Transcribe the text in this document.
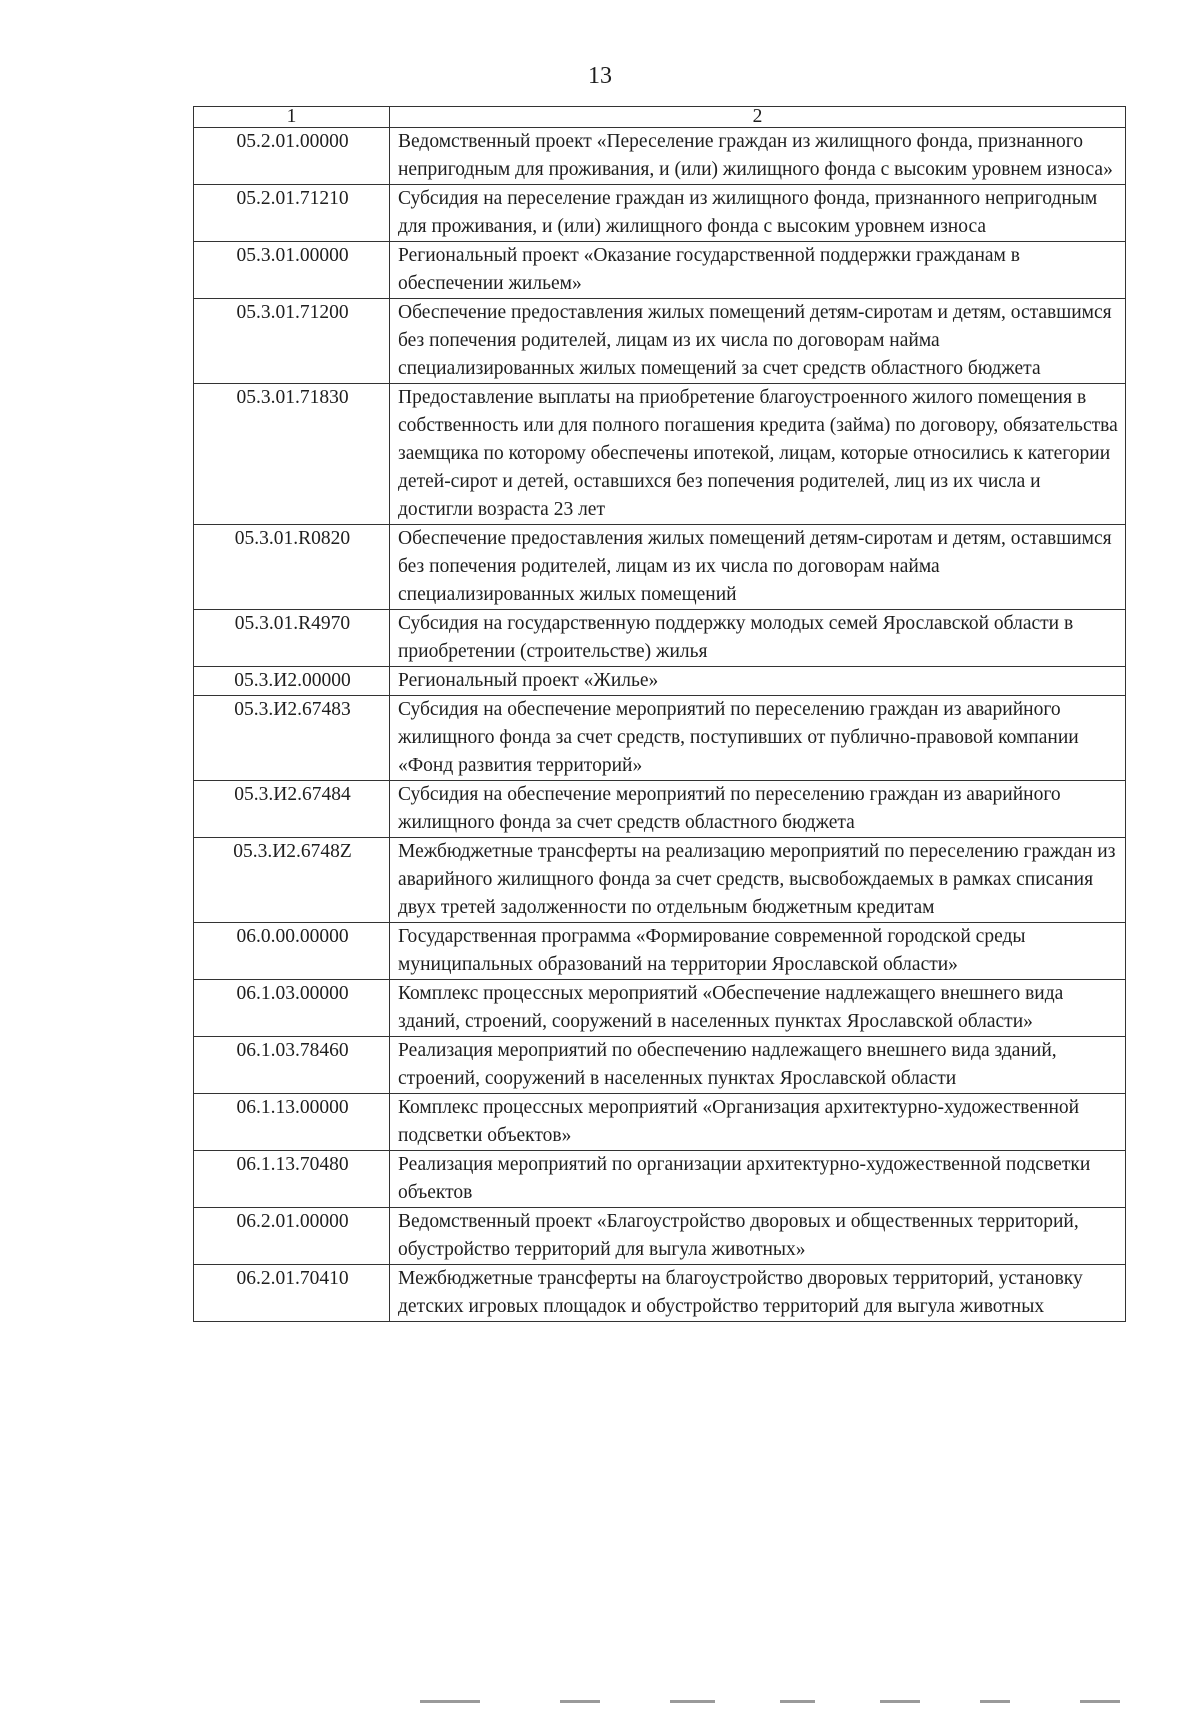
13
1	2
05.2.01.00000	Ведомственный проект «Переселение граждан из жилищного фонда, признанного непригодным для проживания, и (или) жилищного фонда с высоким уровнем износа»
05.2.01.71210	Субсидия на переселение граждан из жилищного фонда, признанного непригодным для проживания, и (или) жилищного фонда с высоким уровнем износа
05.3.01.00000	Региональный проект «Оказание государственной поддержки гражданам в обеспечении жильем»
05.3.01.71200	Обеспечение предоставления жилых помещений детям-сиротам и детям, оставшимся без попечения родителей, лицам из их числа по договорам найма специализированных жилых помещений за счет средств областного бюджета
05.3.01.71830	Предоставление выплаты на приобретение благоустроенного жилого помещения в собственность или для полного погашения кредита (займа) по договору, обязательства заемщика по которому обеспечены ипотекой, лицам, которые относились к категории детей-сирот и детей, оставшихся без попечения родителей, лиц из их числа и достигли возраста 23 лет
05.3.01.R0820	Обеспечение предоставления жилых помещений детям-сиротам и детям, оставшимся без попечения родителей, лицам из их числа по договорам найма специализированных жилых помещений
05.3.01.R4970	Субсидия на государственную поддержку молодых семей Ярославской области в приобретении (строительстве) жилья
05.3.И2.00000	Региональный проект «Жилье»
05.3.И2.67483	Субсидия на обеспечение мероприятий по переселению граждан из аварийного жилищного фонда за счет средств, поступивших от публично-правовой компании «Фонд развития территорий»
05.3.И2.67484	Субсидия на обеспечение мероприятий по переселению граждан из аварийного жилищного фонда за счет средств областного бюджета
05.3.И2.6748Z	Межбюджетные трансферты на реализацию мероприятий по переселению граждан из аварийного жилищного фонда за счет средств, высвобождаемых в рамках списания двух третей задолженности по отдельным бюджетным кредитам
06.0.00.00000	Государственная программа «Формирование современной городской среды муниципальных образований на территории Ярославской области»
06.1.03.00000	Комплекс процессных мероприятий «Обеспечение надлежащего внешнего вида зданий, строений, сооружений в населенных пунктах Ярославской области»
06.1.03.78460	Реализация мероприятий по обеспечению надлежащего внешнего вида зданий, строений, сооружений в населенных пунктах Ярославской области
06.1.13.00000	Комплекс процессных мероприятий «Организация архитектурно-художественной подсветки объектов»
06.1.13.70480	Реализация мероприятий по организации архитектурно-художественной подсветки объектов
06.2.01.00000	Ведомственный проект «Благоустройство дворовых и общественных территорий, обустройство территорий для выгула животных»
06.2.01.70410	Межбюджетные трансферты на благоустройство дворовых территорий, установку детских игровых площадок и обустройство территорий для выгула животных
